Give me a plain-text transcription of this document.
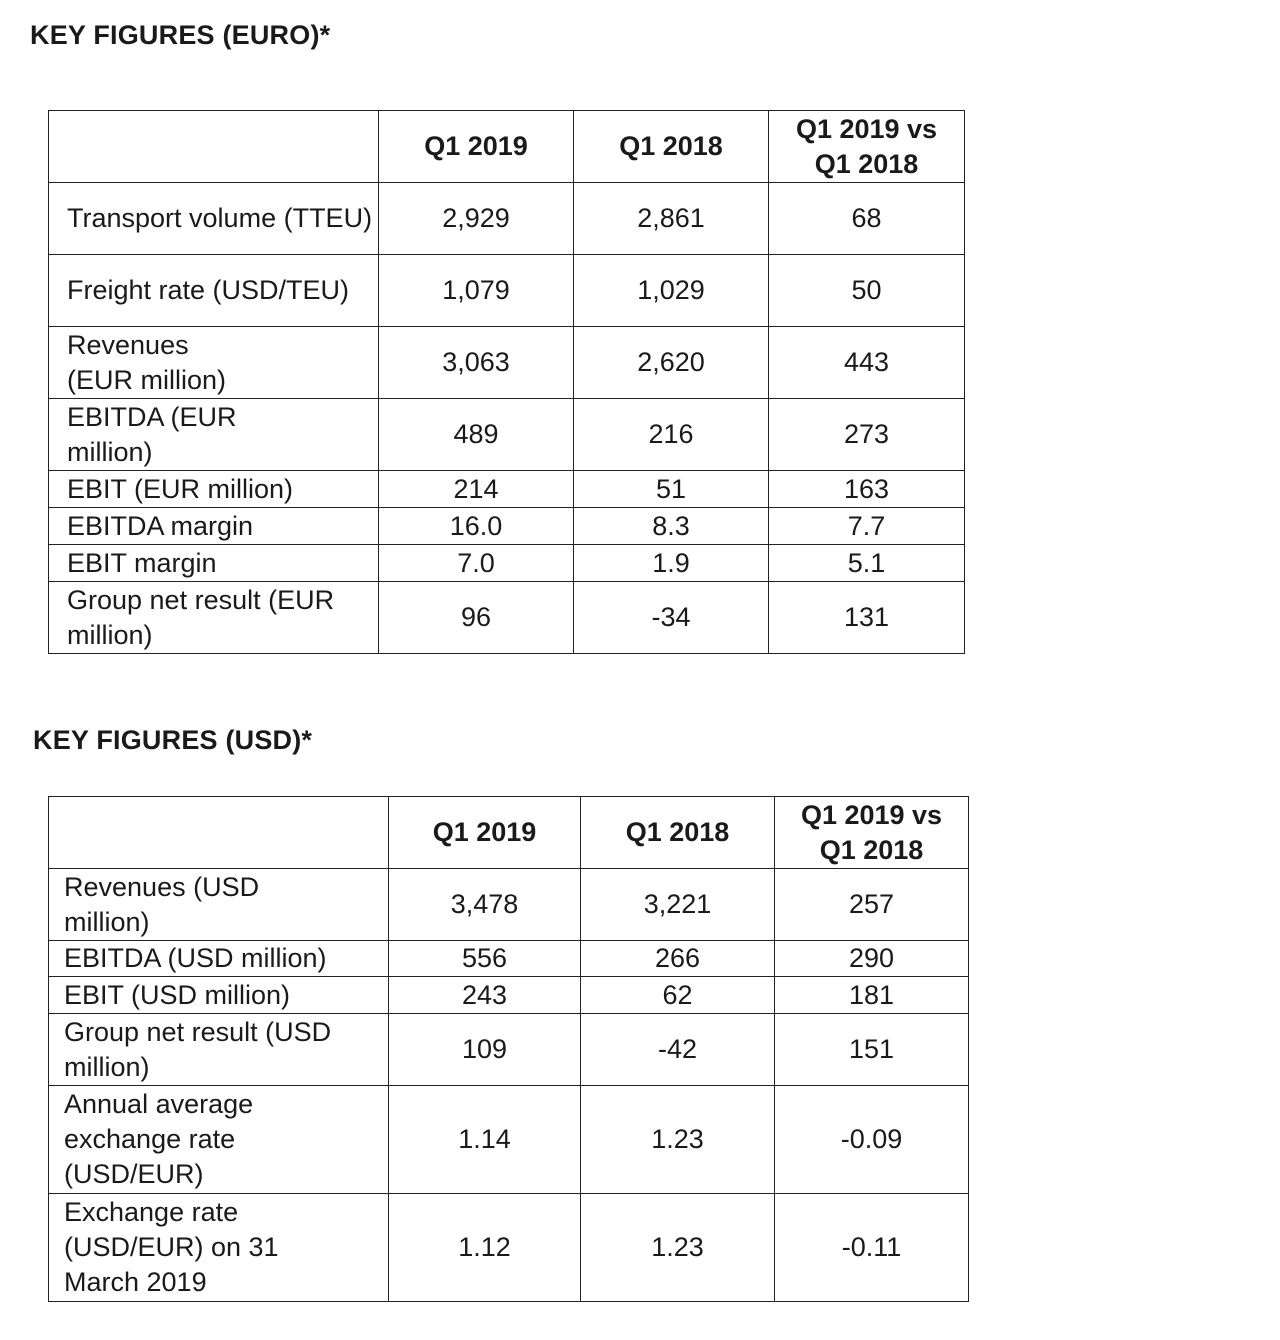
KEY FIGURES (EURO)*
	Q1 2019	Q1 2018	Q1 2019 vs Q1 2018
Transport volume (TTEU)	2,929	2,861	68
Freight rate (USD/TEU)	1,079	1,029	50
Revenues (EUR million)	3,063	2,620	443
EBITDA (EUR million)	489	216	273
EBIT (EUR million)	214	51	163
EBITDA margin	16.0	8.3	7.7
EBIT margin	7.0	1.9	5.1
Group net result (EUR million)	96	-34	131
KEY FIGURES (USD)*
	Q1 2019	Q1 2018	Q1 2019 vs Q1 2018
Revenues (USD million)	3,478	3,221	257
EBITDA (USD million)	556	266	290
EBIT (USD million)	243	62	181
Group net result (USD million)	109	-42	151
Annual average exchange rate (USD/EUR)	1.14	1.23	-0.09
Exchange rate (USD/EUR) on 31 March 2019	1.12	1.23	-0.11
